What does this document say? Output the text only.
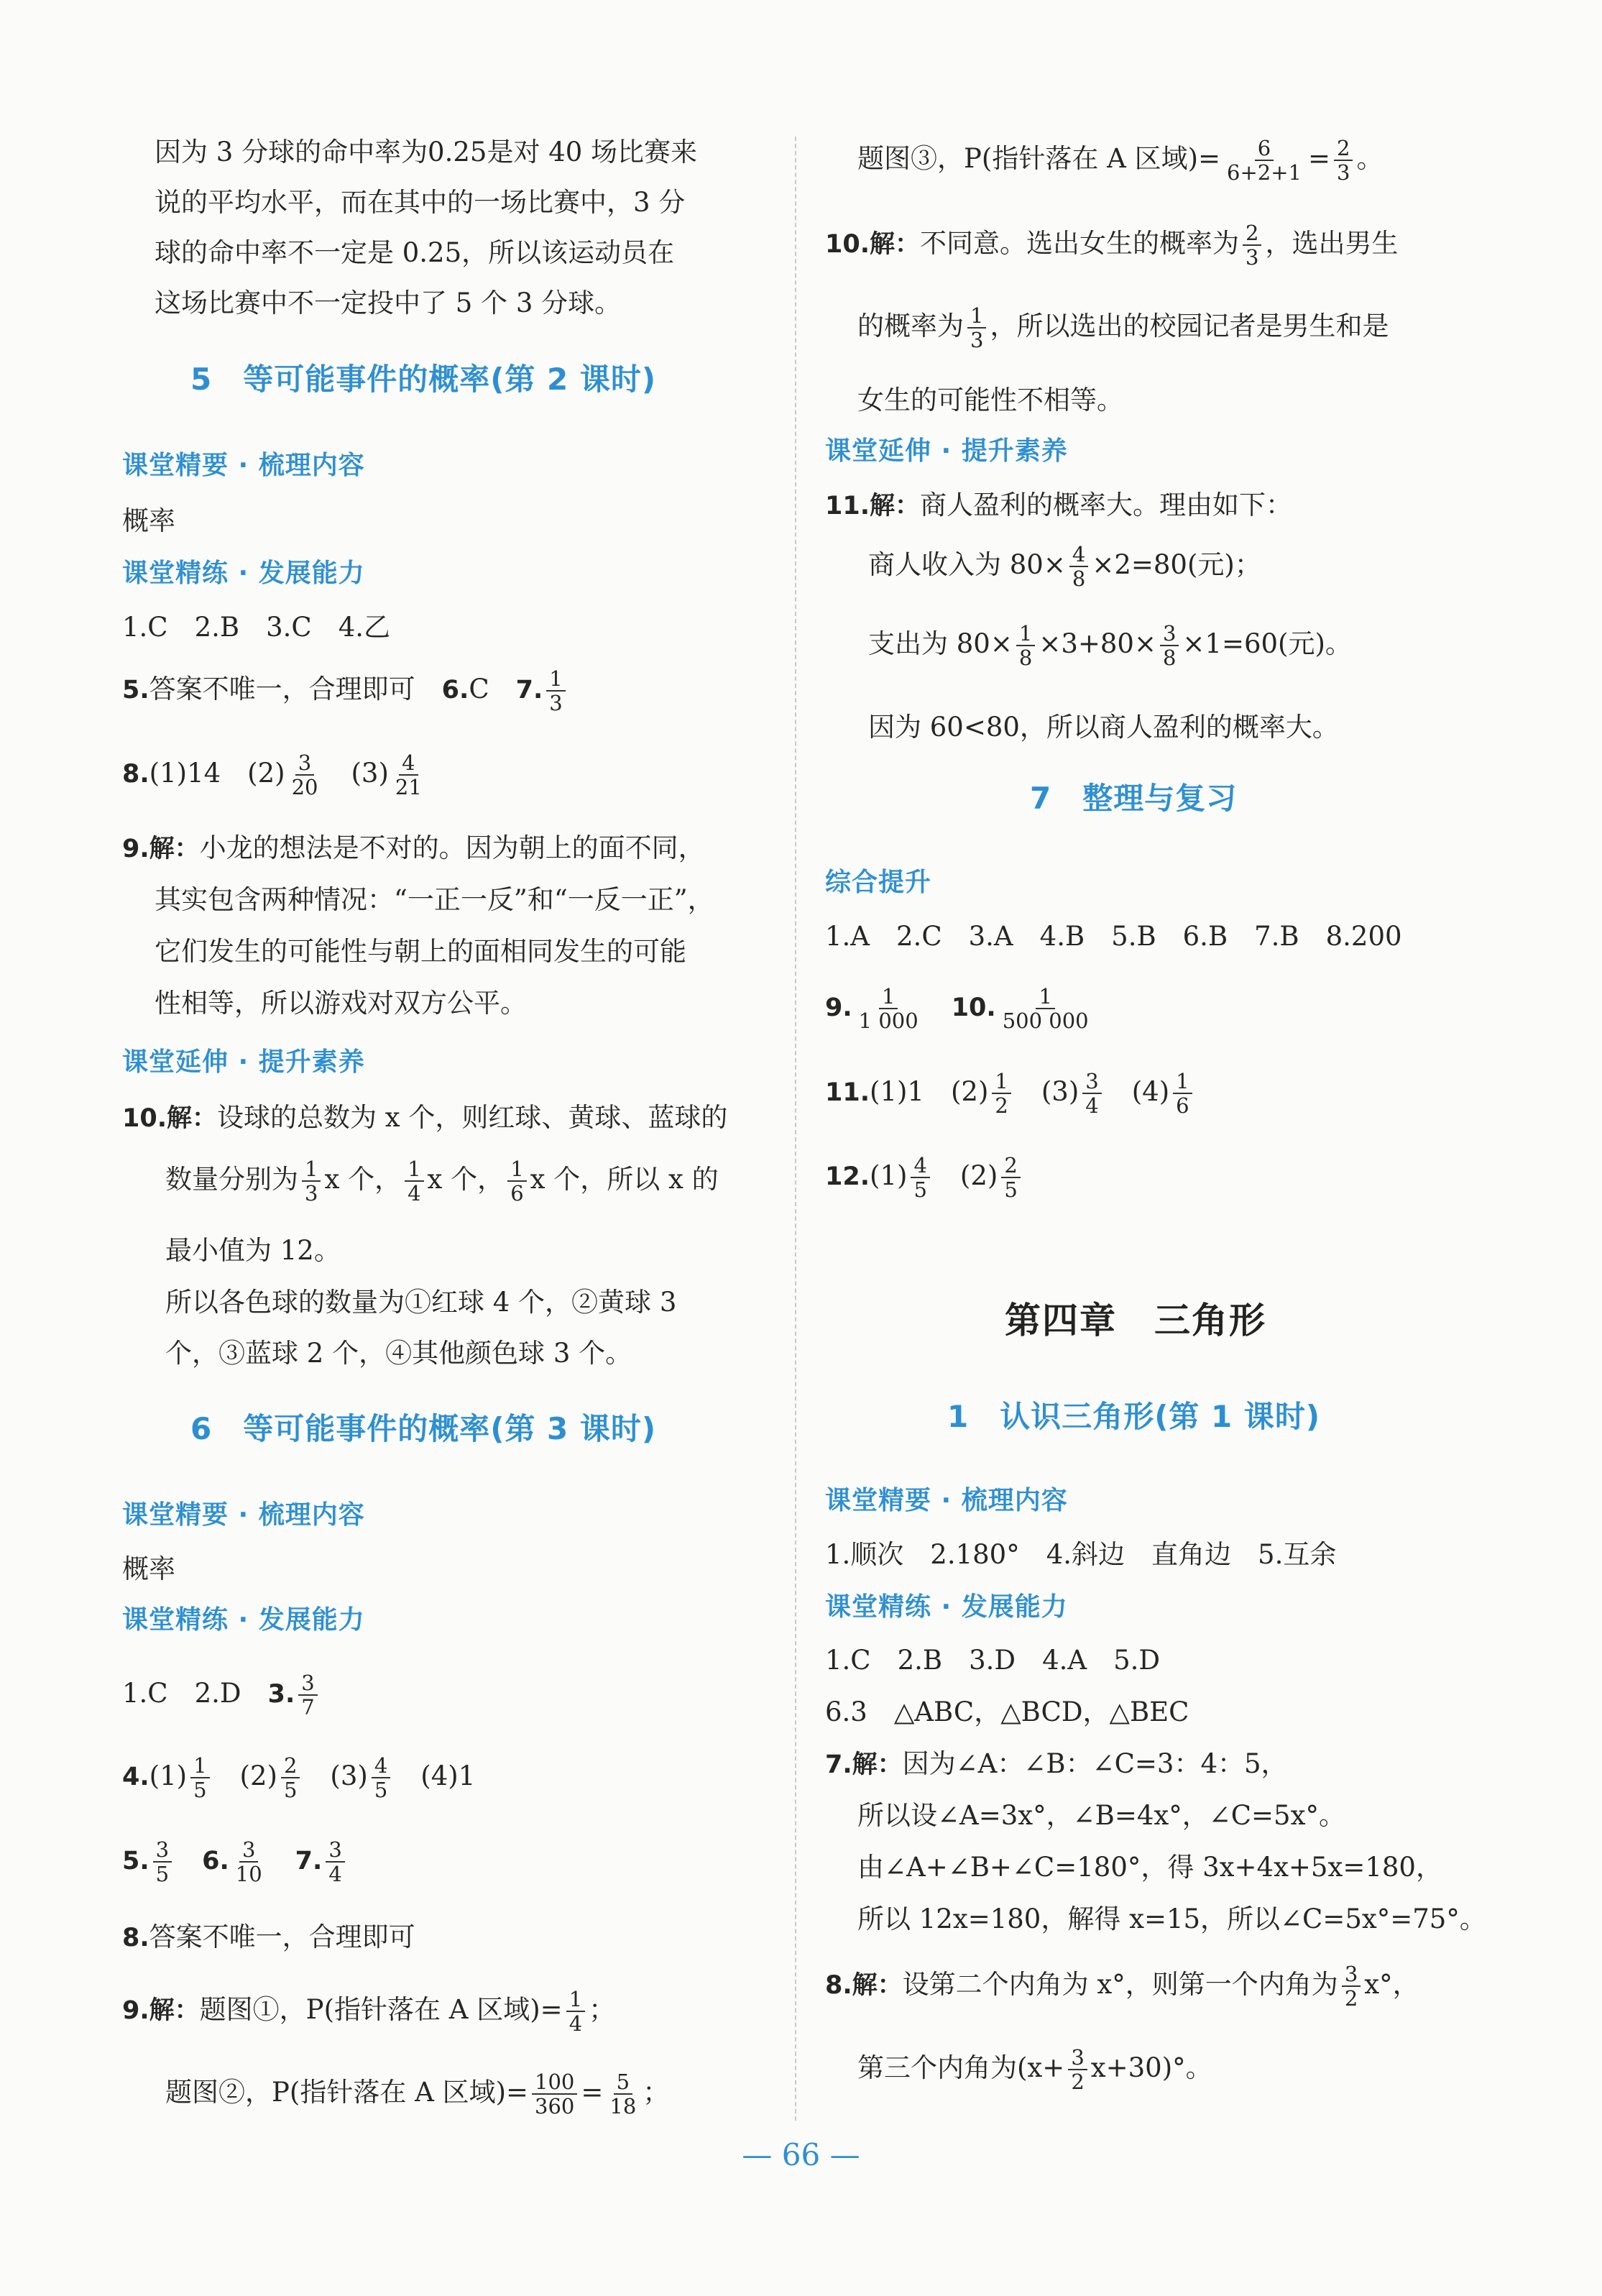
因为 3 分球的命中率为0.25是对 40 场比赛来
说的平均水平，而在其中的一场比赛中，3 分
球的命中率不一定是 0.25，所以该运动员在
这场比赛中不一定投中了 5 个 3 分球。
5　等可能事件的概率(第 2 课时)
课堂精要 · 梳理内容
概率
课堂精练 · 发展能力
1.C　2.B　3.C　4.乙
5.答案不唯一，合理即可　6.C　7. $\frac{1}{3}$
8.(1)14　$(2) \frac{3}{20}$ 　$(3) \frac{4}{21}$
9.解：小龙的想法是不对的。因为朝上的面不同，
其实包含两种情况：“一正一反”和“一反一正”，
它们发生的可能性与朝上的面相同发生的可能
性相等，所以游戏对双方公平。
课堂延伸 · 提升素养
10.解：设球的总数为 x 个，则红球、黄球、蓝球的
数量分别为 $\frac{1}{3}$ x 个， $\frac{1}{4}$ x 个， $\frac{1}{6}$ x 个，所以 x 的
最小值为 12。
所以各色球的数量为①红球 4 个，②黄球 3
个，③蓝球 2 个，④其他颜色球 3 个。
6　等可能事件的概率(第 3 课时)
课堂精要 · 梳理内容
概率
课堂精练 · 发展能力
1.C　2.D　3. $\frac{3}{7}$
$4.(1) \frac{1}{5}$ 　$(2) \frac{2}{5}$ 　$(3) \frac{4}{5}$ 　(4)1
5. $\frac{3}{5}$
　 6. $\frac{3}{10}$
　 7. $\frac{3}{4}$
8.答案不唯一，合理即可
9.解：题图①，P(指针落在 A 区域)= $\frac{1}{4}$ ；
题图②，P(指针落在 A 区域)= $\frac{100}{360} = \frac{5}{18}$ ；
题图③，P(指针落在 A 区域)= $\frac{6}{6+2+1} = \frac{2}{3}$ 。
10.解：不同意。选出女生的概率为 $\frac{2}{3}$ ，选出男生
的概率为 $\frac{1}{3}$ ，所以选出的校园记者是男生和是
女生的可能性不相等。
课堂延伸 · 提升素养
11.解：商人盈利的概率大。理由如下：
商人收入为 $80\times \frac{4}{8} \times 2=80$(元)；
支出为 $80\times \frac{1}{8} \times 3+80\times \frac{3}{8} \times 1=60$(元)。
因为 60<80，所以商人盈利的概率大。
7　整理与复习
综合提升
1.A　2.C　3.A　4.B　5.B　6.B　7.B　8.200
9. $\frac{1}{1 000}$
　 10. $\frac{1}{500 000}$
11.(1)1　$(2) \frac{1}{2}$ 　$(3) \frac{3}{4}$ 　$(4) \frac{1}{6}$
$12.(1) \frac{4}{5}$ 　$(2) \frac{2}{5}$
第四章　三角形
1　认识三角形(第 1 课时)
课堂精要 · 梳理内容
1.顺次　2.180°　4.斜边　直角边　5.互余
课堂精练 · 发展能力
1.C　2.B　3.D　4.A　5.D
6.3　△ABC，△BCD，△BEC
7.解：因为∠A：∠B：∠C=3：4：5，
所以设∠A=3x°，∠B=4x°，∠C=5x°。
由∠A+∠B+∠C=180°，得 3x+4x+5x=180，
所以 12x=180，解得 x=15，所以∠C=5x°=75°。
8.解：设第二个内角为 x°，则第一个内角为 $\frac{3}{2} x^\circ$，
第三个内角为$(x+ \frac{3}{2} x+30)^\circ$。
— 66 —
